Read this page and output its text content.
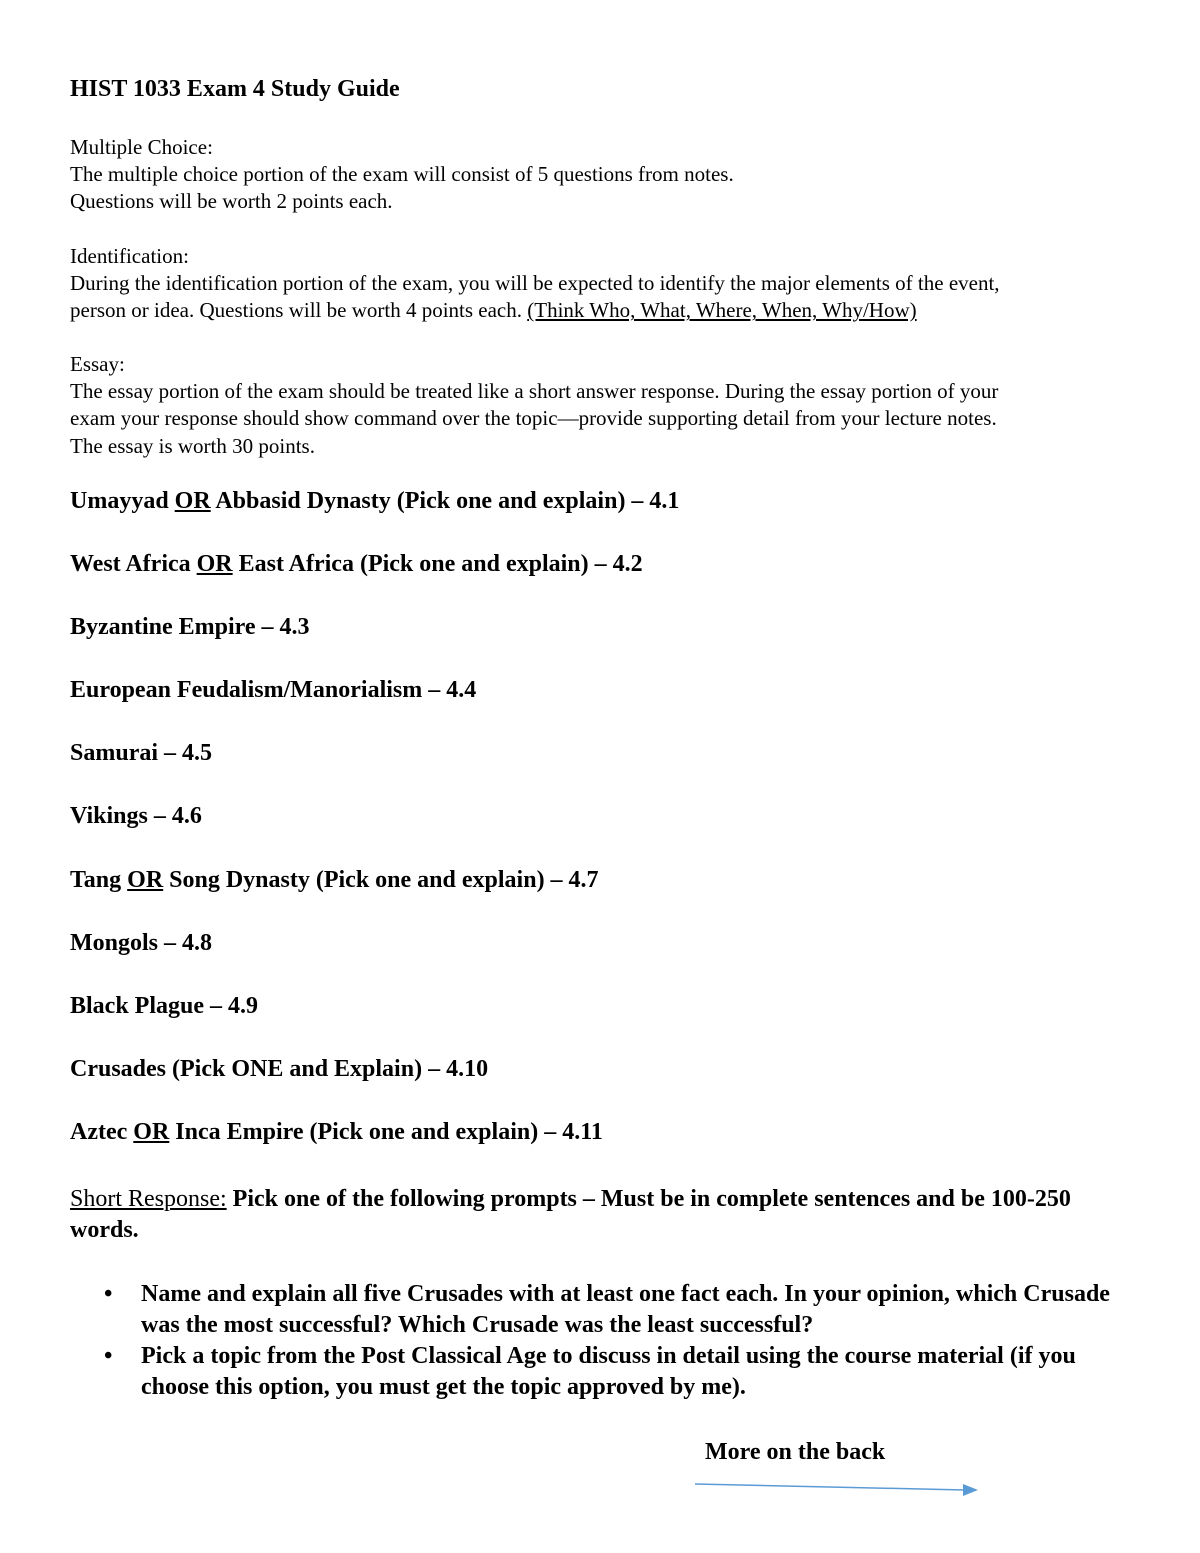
HIST 1033 Exam 4 Study Guide

Multiple Choice:

The multiple choice portion of the exam will consist of 5 questions from notes.

Questions will be worth 2 points each.

Identification:

During the identification portion of the exam, you will be expected to identify the major elements of the event,

person or idea. Questions will be worth 4 points each. (Think Who, What, Where, When, Why/How)

Essay:

The essay portion of the exam should be treated like a short answer response. During the essay portion of your

exam your response should show command over the topic—provide supporting detail from your lecture notes.

The essay is worth 30 points.

Umayyad OR Abbasid Dynasty (Pick one and explain) – 4.1
West Africa OR East Africa (Pick one and explain) – 4.2
Byzantine Empire – 4.3
European Feudalism/Manorialism – 4.4
Samurai – 4.5
Vikings – 4.6
Tang OR Song Dynasty (Pick one and explain) – 4.7
Mongols – 4.8
Black Plague – 4.9
Crusades (Pick ONE and Explain) – 4.10
Aztec OR Inca Empire (Pick one and explain) – 4.11
Short Response: Pick one of the following prompts – Must be in complete sentences and be 100-250 words.
• Name and explain all five Crusades with at least one fact each. In your opinion, which Crusade was the most successful? Which Crusade was the least successful?
• Pick a topic from the Post Classical Age to discuss in detail using the course material (if you choose this option, you must get the topic approved by me).
More on the back
